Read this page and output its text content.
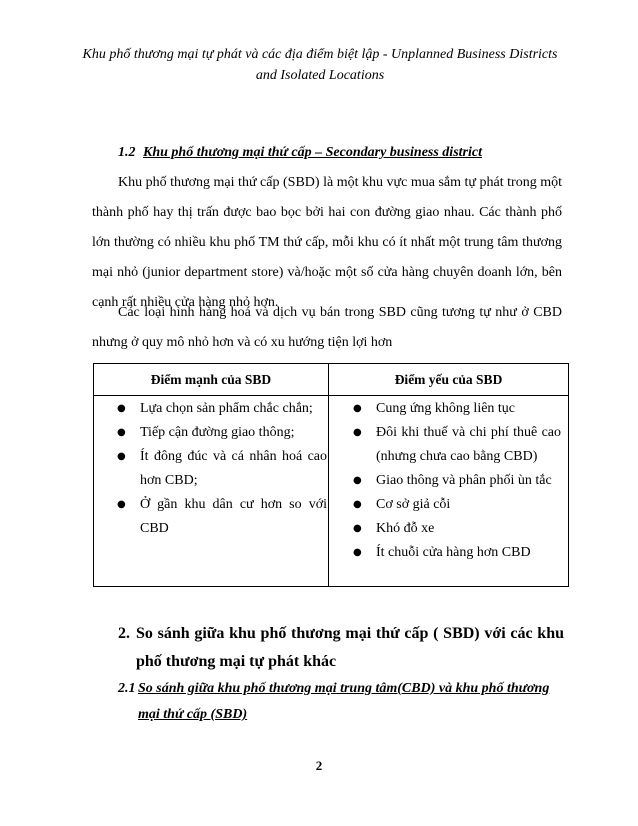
Khu phố thương mại tự phát và các địa điểm biệt lập - Unplanned Business Districts
and Isolated Locations
1.2 Khu phố thương mại thứ cấp – Secondary business district

Khu phố thương mại thứ cấp (SBD) là một khu vực mua sắm tự phát trong một thành phố hay thị trấn được bao bọc bởi hai con đường giao nhau. Các thành phố lớn thường có nhiều khu phố TM thứ cấp, mỗi khu có ít nhất một trung tâm thương mại nhỏ (junior department store) và/hoặc một số cửa hàng chuyên doanh lớn, bên cạnh rất nhiều cửa hàng nhỏ hơn.

Các loại hình hàng hoá và dịch vụ bán trong SBD cũng tương tự như ở CBD nhưng ở quy mô nhỏ hơn và có xu hướng tiện lợi hơn

Điểm mạnh của SBD	Điểm yếu của SBD
● Lựa chọn sản phẩm chắc chắn;
● Tiếp cận đường giao thông;
● Ít đông đúc và cá nhân hoá cao hơn CBD;
● Ở gần khu dân cư hơn so với CBD
● Cung ứng không liên tục
● Đôi khi thuế và chi phí thuê cao (nhưng chưa cao bằng CBD)
● Giao thông và phân phối ùn tắc
● Cơ sở giả cỗi
● Khó đỗ xe
● Ít chuỗi cửa hàng hơn CBD
2. So sánh giữa khu phố thương mại thứ cấp ( SBD) với các khu phố thương mại tự phát khác
2.1 So sánh giữa khu phố thương mại trung tâm(CBD) và khu phố thương mại thứ cấp (SBD)
2
